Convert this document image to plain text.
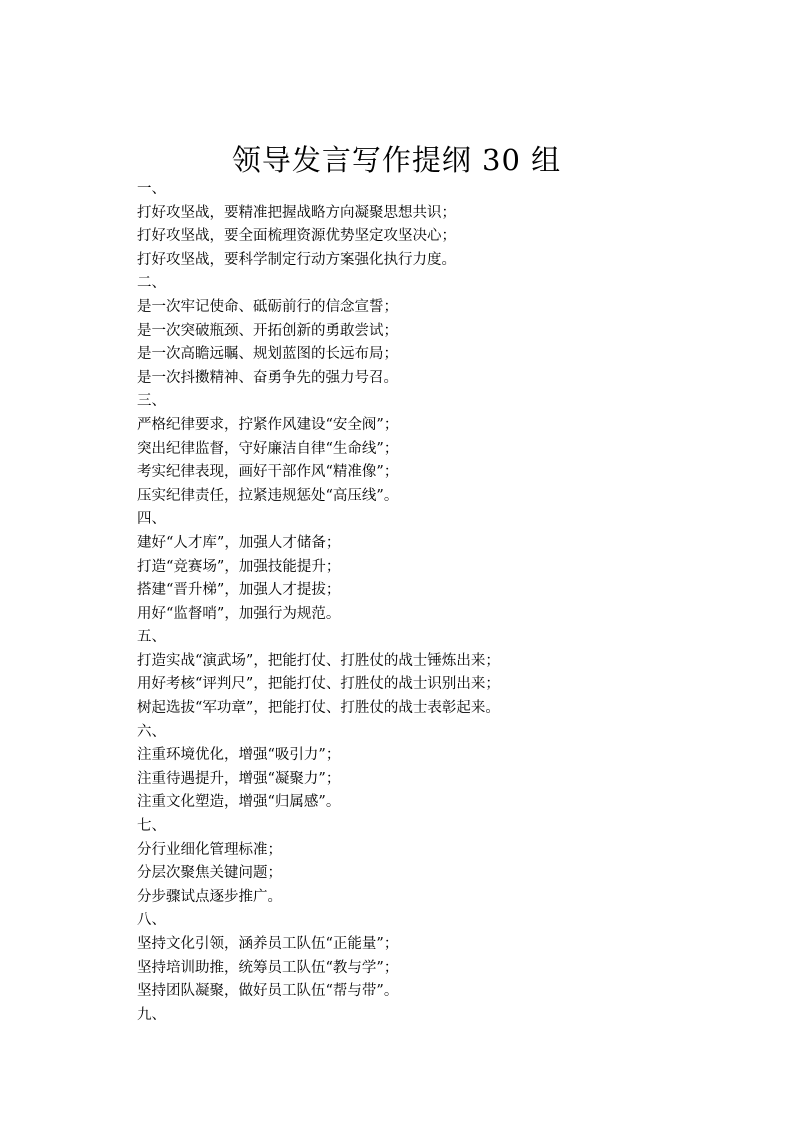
领导发言写作提纲 30 组
一、
打好攻坚战，要精准把握战略方向凝聚思想共识；
打好攻坚战，要全面梳理资源优势坚定攻坚决心；
打好攻坚战，要科学制定行动方案强化执行力度。
二、
是一次牢记使命、砥砺前行的信念宣誓；
是一次突破瓶颈、开拓创新的勇敢尝试；
是一次高瞻远瞩、规划蓝图的长远布局；
是一次抖擞精神、奋勇争先的强力号召。
三、
严格纪律要求，拧紧作风建设“安全阀”；
突出纪律监督，守好廉洁自律“生命线”；
考实纪律表现，画好干部作风“精准像”；
压实纪律责任，拉紧违规惩处“高压线”。
四、
建好“人才库”，加强人才储备；
打造“竞赛场”，加强技能提升；
搭建“晋升梯”，加强人才提拔；
用好“监督哨”，加强行为规范。
五、
打造实战“演武场”，把能打仗、打胜仗的战士锤炼出来；
用好考核“评判尺”，把能打仗、打胜仗的战士识别出来；
树起选拔“军功章”，把能打仗、打胜仗的战士表彰起来。
六、
注重环境优化，增强“吸引力”；
注重待遇提升，增强“凝聚力”；
注重文化塑造，增强“归属感”。
七、
分行业细化管理标准；
分层次聚焦关键问题；
分步骤试点逐步推广。
八、
坚持文化引领，涵养员工队伍“正能量”；
坚持培训助推，统筹员工队伍“教与学”；
坚持团队凝聚，做好员工队伍“帮与带”。
九、
